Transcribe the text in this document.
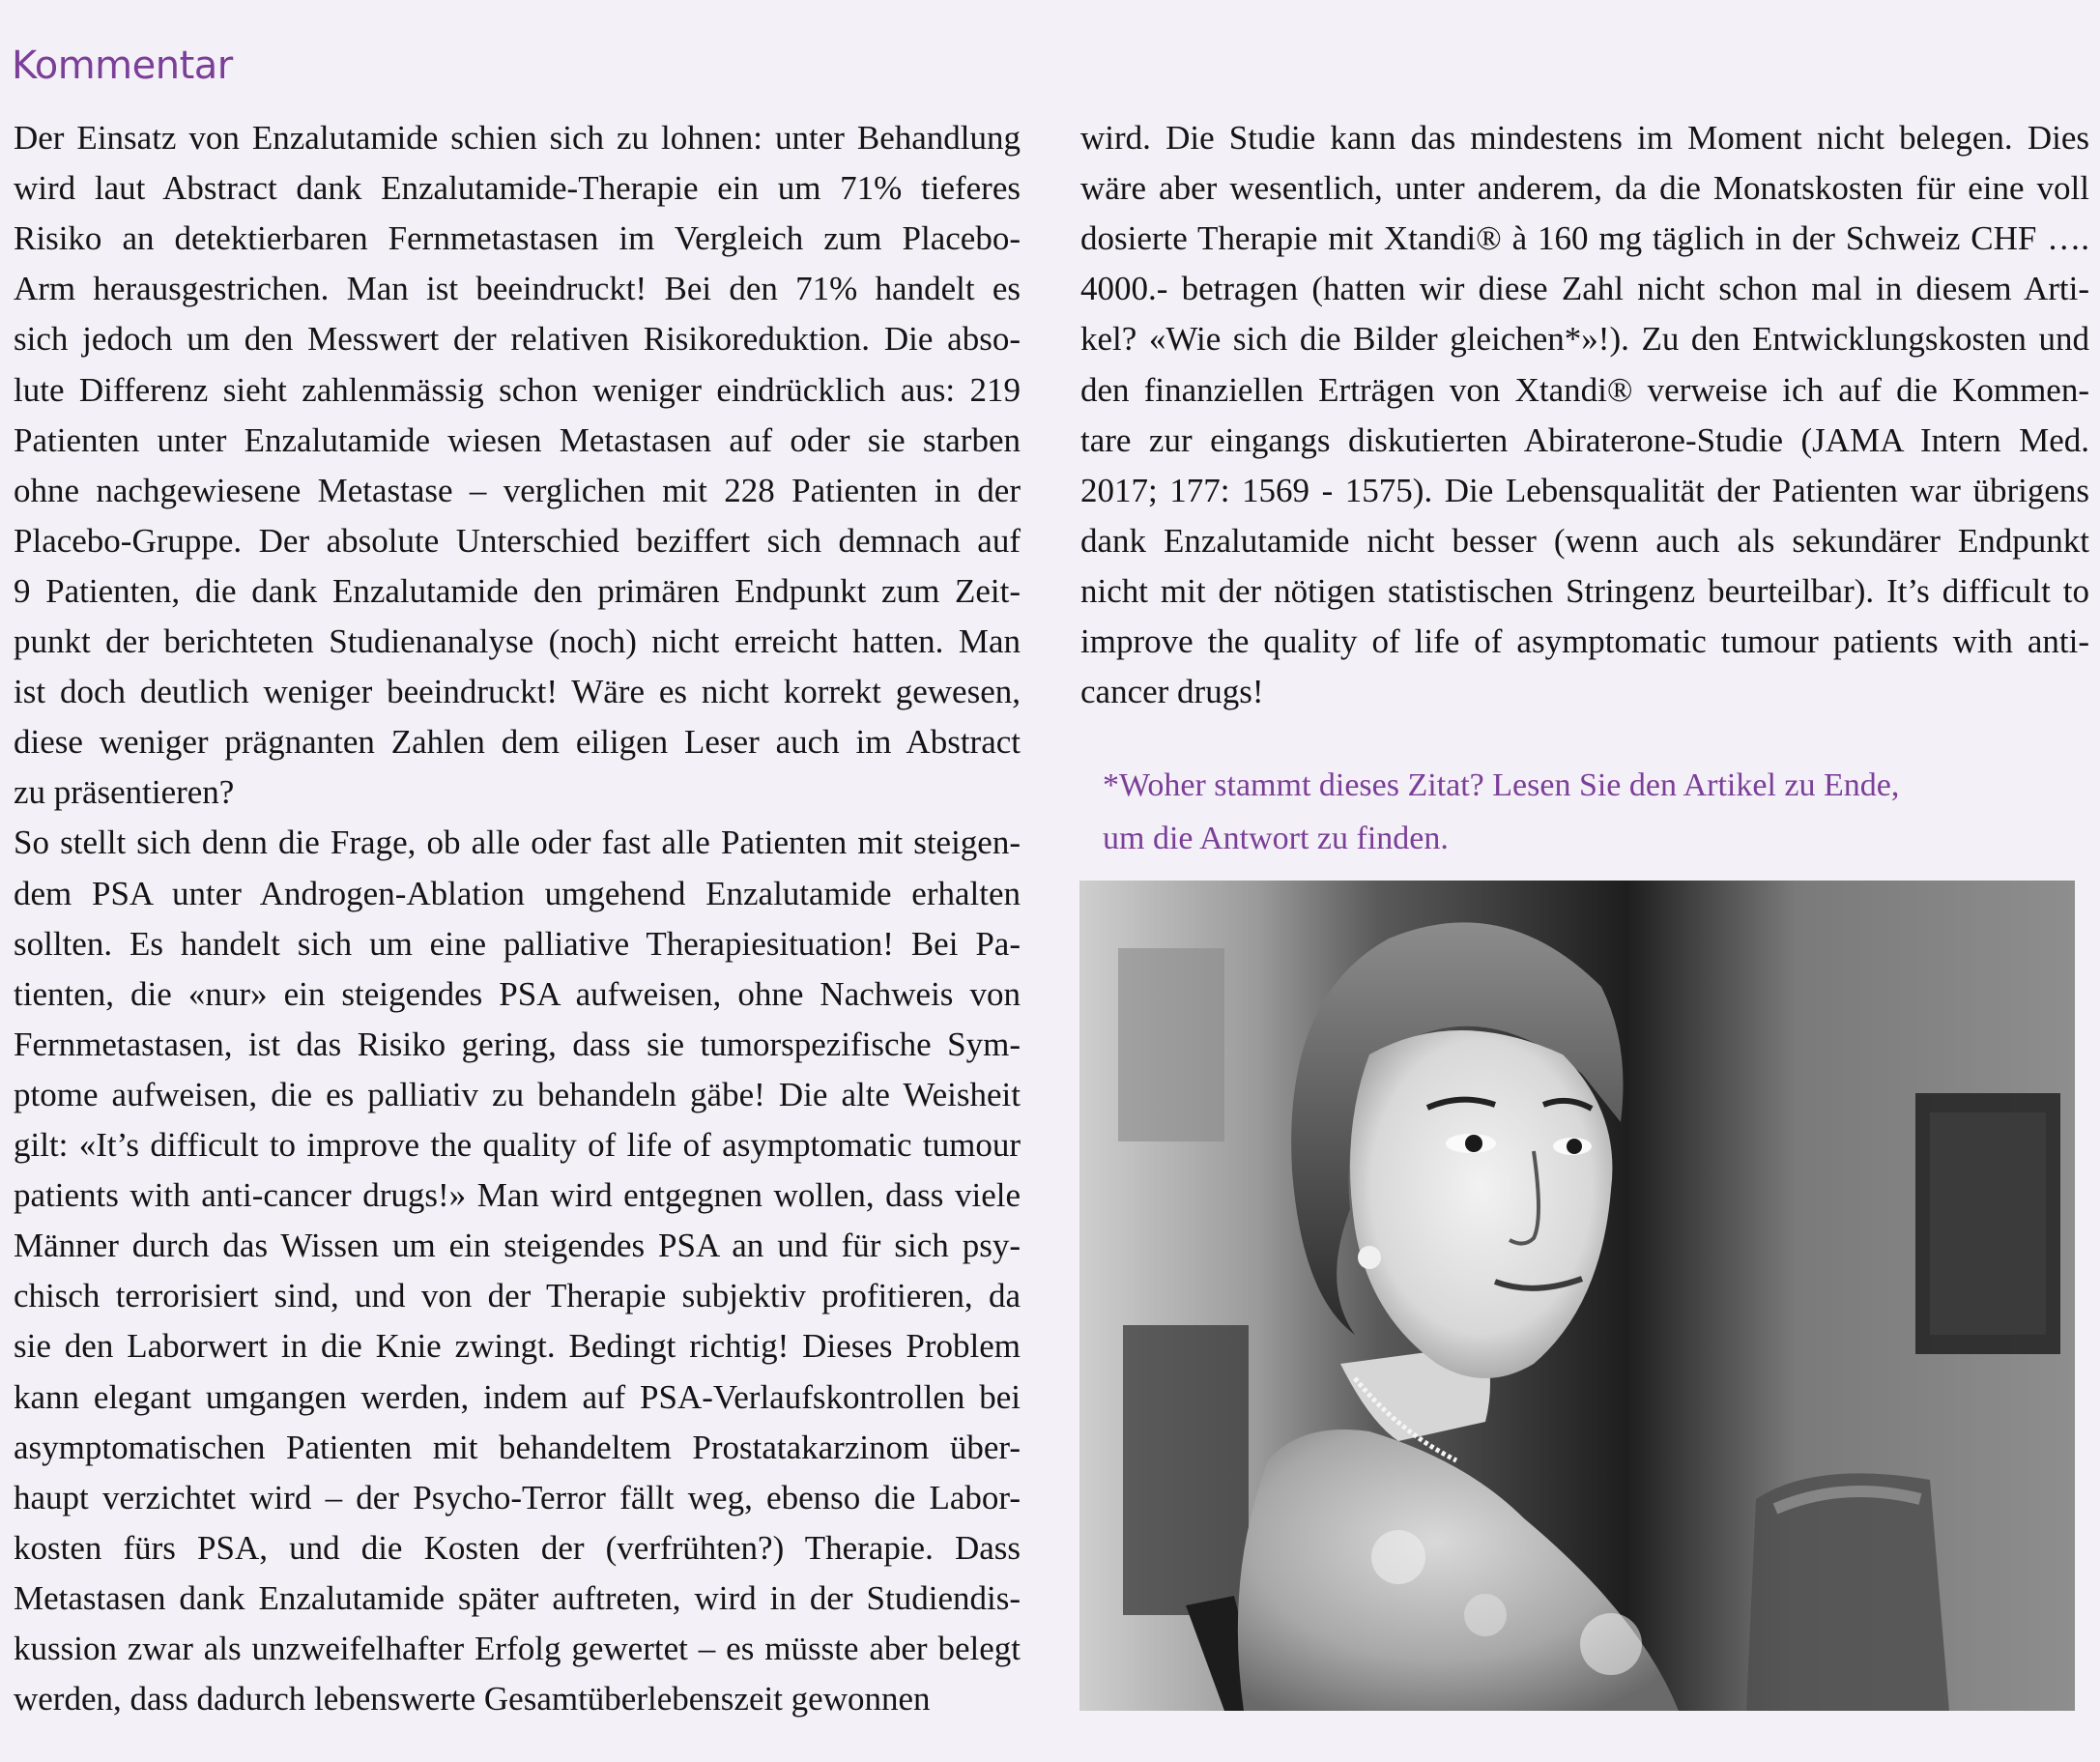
Kommentar
Der Einsatz von Enzalutamide schien sich zu lohnen: unter Behandlung
wird laut Abstract dank Enzalutamide-Therapie ein um 71% tieferes
Risiko an detektierbaren Fernmetastasen im Vergleich zum Placebo-
Arm herausgestrichen. Man ist beeindruckt! Bei den 71% handelt es
sich jedoch um den Messwert der relativen Risikoreduktion. Die abso-
lute Differenz sieht zahlenmässig schon weniger eindrücklich aus: 219
Patienten unter Enzalutamide wiesen Metastasen auf oder sie starben
ohne nachgewiesene Metastase – verglichen mit 228 Patienten in der
Placebo-Gruppe. Der absolute Unterschied beziffert sich demnach auf
9 Patienten, die dank Enzalutamide den primären Endpunkt zum Zeit-
punkt der berichteten Studienanalyse (noch) nicht erreicht hatten. Man
ist doch deutlich weniger beeindruckt! Wäre es nicht korrekt gewesen,
diese weniger prägnanten Zahlen dem eiligen Leser auch im Abstract
zu präsentieren?
So stellt sich denn die Frage, ob alle oder fast alle Patienten mit steigen-
dem PSA unter Androgen-Ablation umgehend Enzalutamide erhalten
sollten. Es handelt sich um eine palliative Therapiesituation! Bei Pa-
tienten, die «nur» ein steigendes PSA aufweisen, ohne Nachweis von
Fernmetastasen, ist das Risiko gering, dass sie tumorspezifische Sym-
ptome aufweisen, die es palliativ zu behandeln gäbe! Die alte Weisheit
gilt: «It’s difficult to improve the quality of life of asymptomatic tumour
patients with anti-cancer drugs!» Man wird entgegnen wollen, dass viele
Männer durch das Wissen um ein steigendes PSA an und für sich psy-
chisch terrorisiert sind, und von der Therapie subjektiv profitieren, da
sie den Laborwert in die Knie zwingt. Bedingt richtig! Dieses Problem
kann elegant umgangen werden, indem auf PSA-Verlaufskontrollen bei
asymptomatischen Patienten mit behandeltem Prostatakarzinom über-
haupt verzichtet wird – der Psycho-Terror fällt weg, ebenso die Labor-
kosten fürs PSA, und die Kosten der (verfrühten?) Therapie. Dass
Metastasen dank Enzalutamide später auftreten, wird in der Studiendis-
kussion zwar als unzweifelhafter Erfolg gewertet – es müsste aber belegt
werden, dass dadurch lebenswerte Gesamtüberlebenszeit gewonnen
wird. Die Studie kann das mindestens im Moment nicht belegen. Dies
wäre aber wesentlich, unter anderem, da die Monatskosten für eine voll
dosierte Therapie mit Xtandi® à 160 mg täglich in der Schweiz CHF ….
4000.- betragen (hatten wir diese Zahl nicht schon mal in diesem Arti-
kel? «Wie sich die Bilder gleichen*»!). Zu den Entwicklungskosten und
den finanziellen Erträgen von Xtandi® verweise ich auf die Kommen-
tare zur eingangs diskutierten Abiraterone-Studie (JAMA Intern Med.
2017; 177: 1569 - 1575). Die Lebensqualität der Patienten war übrigens
dank Enzalutamide nicht besser (wenn auch als sekundärer Endpunkt
nicht mit der nötigen statistischen Stringenz beurteilbar). It’s difficult to
improve the quality of life of asymptomatic tumour patients with anti-
cancer drugs!
*Woher stammt dieses Zitat? Lesen Sie den Artikel zu Ende,
um die Antwort zu finden.
